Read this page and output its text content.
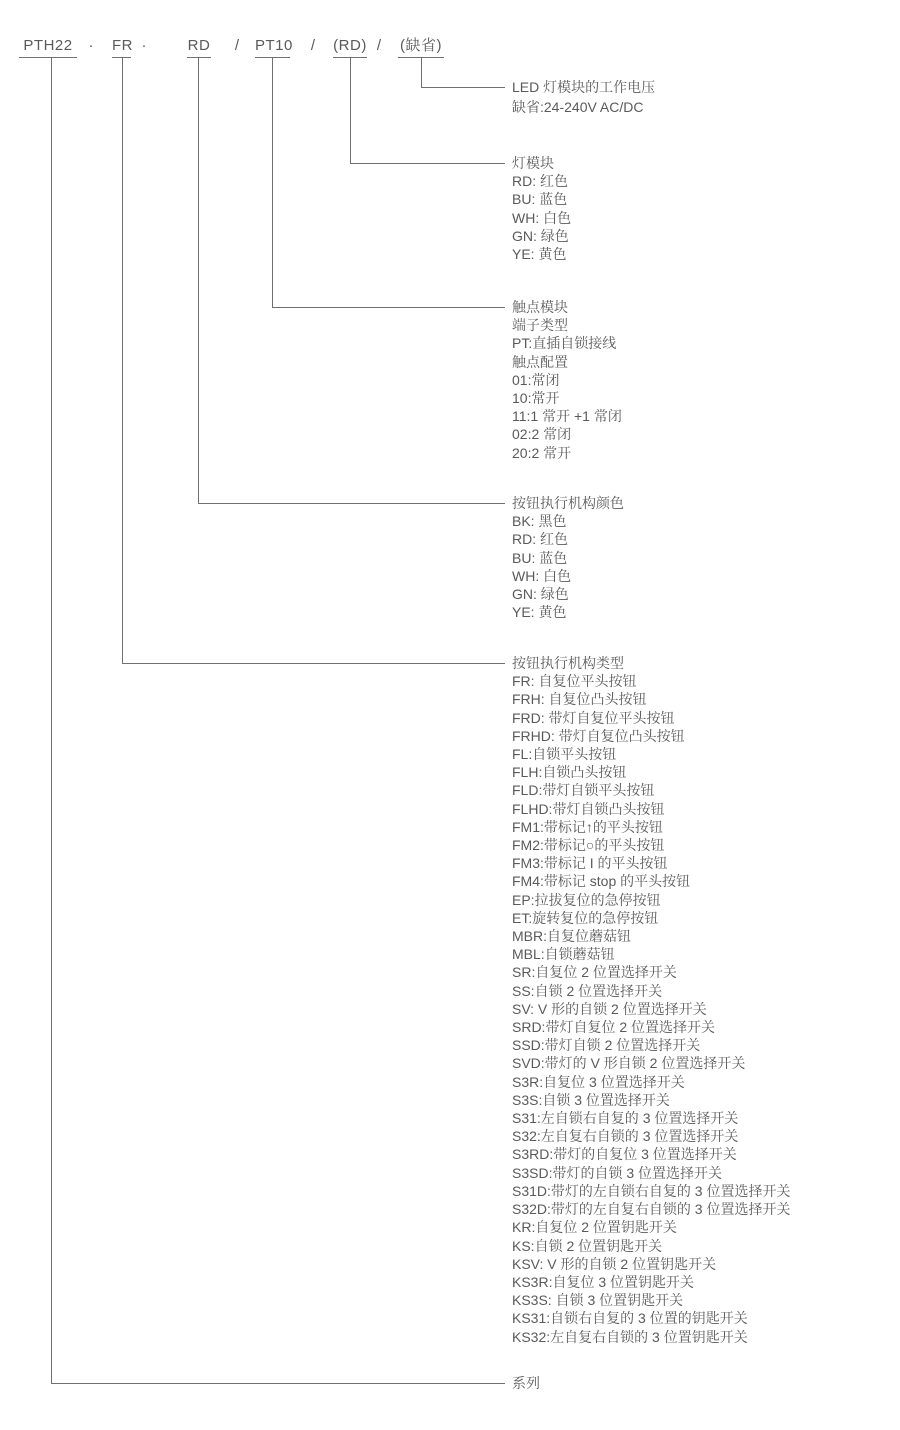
PTH22 · FR ·	RD / PT10 / (RD) / (缺省)
LED 灯模块的工作电压
缺省:24-240V AC/DC
灯模块
RD: 红色
BU: 蓝色
WH: 白色
GN: 绿色
YE: 黄色
触点模块
端子类型
PT:直插自锁接线
触点配置
01:常闭
10:常开
11:1 常开 +1 常闭
02:2 常闭
20:2 常开
按钮执行机构颜色
BK: 黑色
RD: 红色
BU: 蓝色
WH: 白色
GN: 绿色
YE: 黄色
按钮执行机构类型
FR: 自复位平头按钮
FRH: 自复位凸头按钮
FRD: 带灯自复位平头按钮
FRHD: 带灯自复位凸头按钮
FL:自锁平头按钮
FLH:自锁凸头按钮
FLD:带灯自锁平头按钮
FLHD:带灯自锁凸头按钮
FM1:带标记↑的平头按钮
FM2:带标记○的平头按钮
FM3:带标记 I 的平头按钮
FM4:带标记 stop 的平头按钮
EP:拉拔复位的急停按钮
ET:旋转复位的急停按钮
MBR:自复位蘑菇钮
MBL:自锁蘑菇钮
SR:自复位 2 位置选择开关
SS:自锁 2 位置选择开关
SV: V 形的自锁 2 位置选择开关
SRD:带灯自复位 2 位置选择开关
SSD:带灯自锁 2 位置选择开关
SVD:带灯的 V 形自锁 2 位置选择开关
S3R:自复位 3 位置选择开关
S3S:自锁 3 位置选择开关
S31:左自锁右自复的 3 位置选择开关
S32:左自复右自锁的 3 位置选择开关
S3RD:带灯的自复位 3 位置选择开关
S3SD:带灯的自锁 3 位置选择开关
S31D:带灯的左自锁右自复的 3 位置选择开关
S32D:带灯的左自复右自锁的 3 位置选择开关
KR:自复位 2 位置钥匙开关
KS:自锁 2 位置钥匙开关
KSV: V 形的自锁 2 位置钥匙开关
KS3R:自复位 3 位置钥匙开关
KS3S: 自锁 3 位置钥匙开关
KS31:自锁右自复的 3 位置的钥匙开关
KS32:左自复右自锁的 3 位置钥匙开关
系列
